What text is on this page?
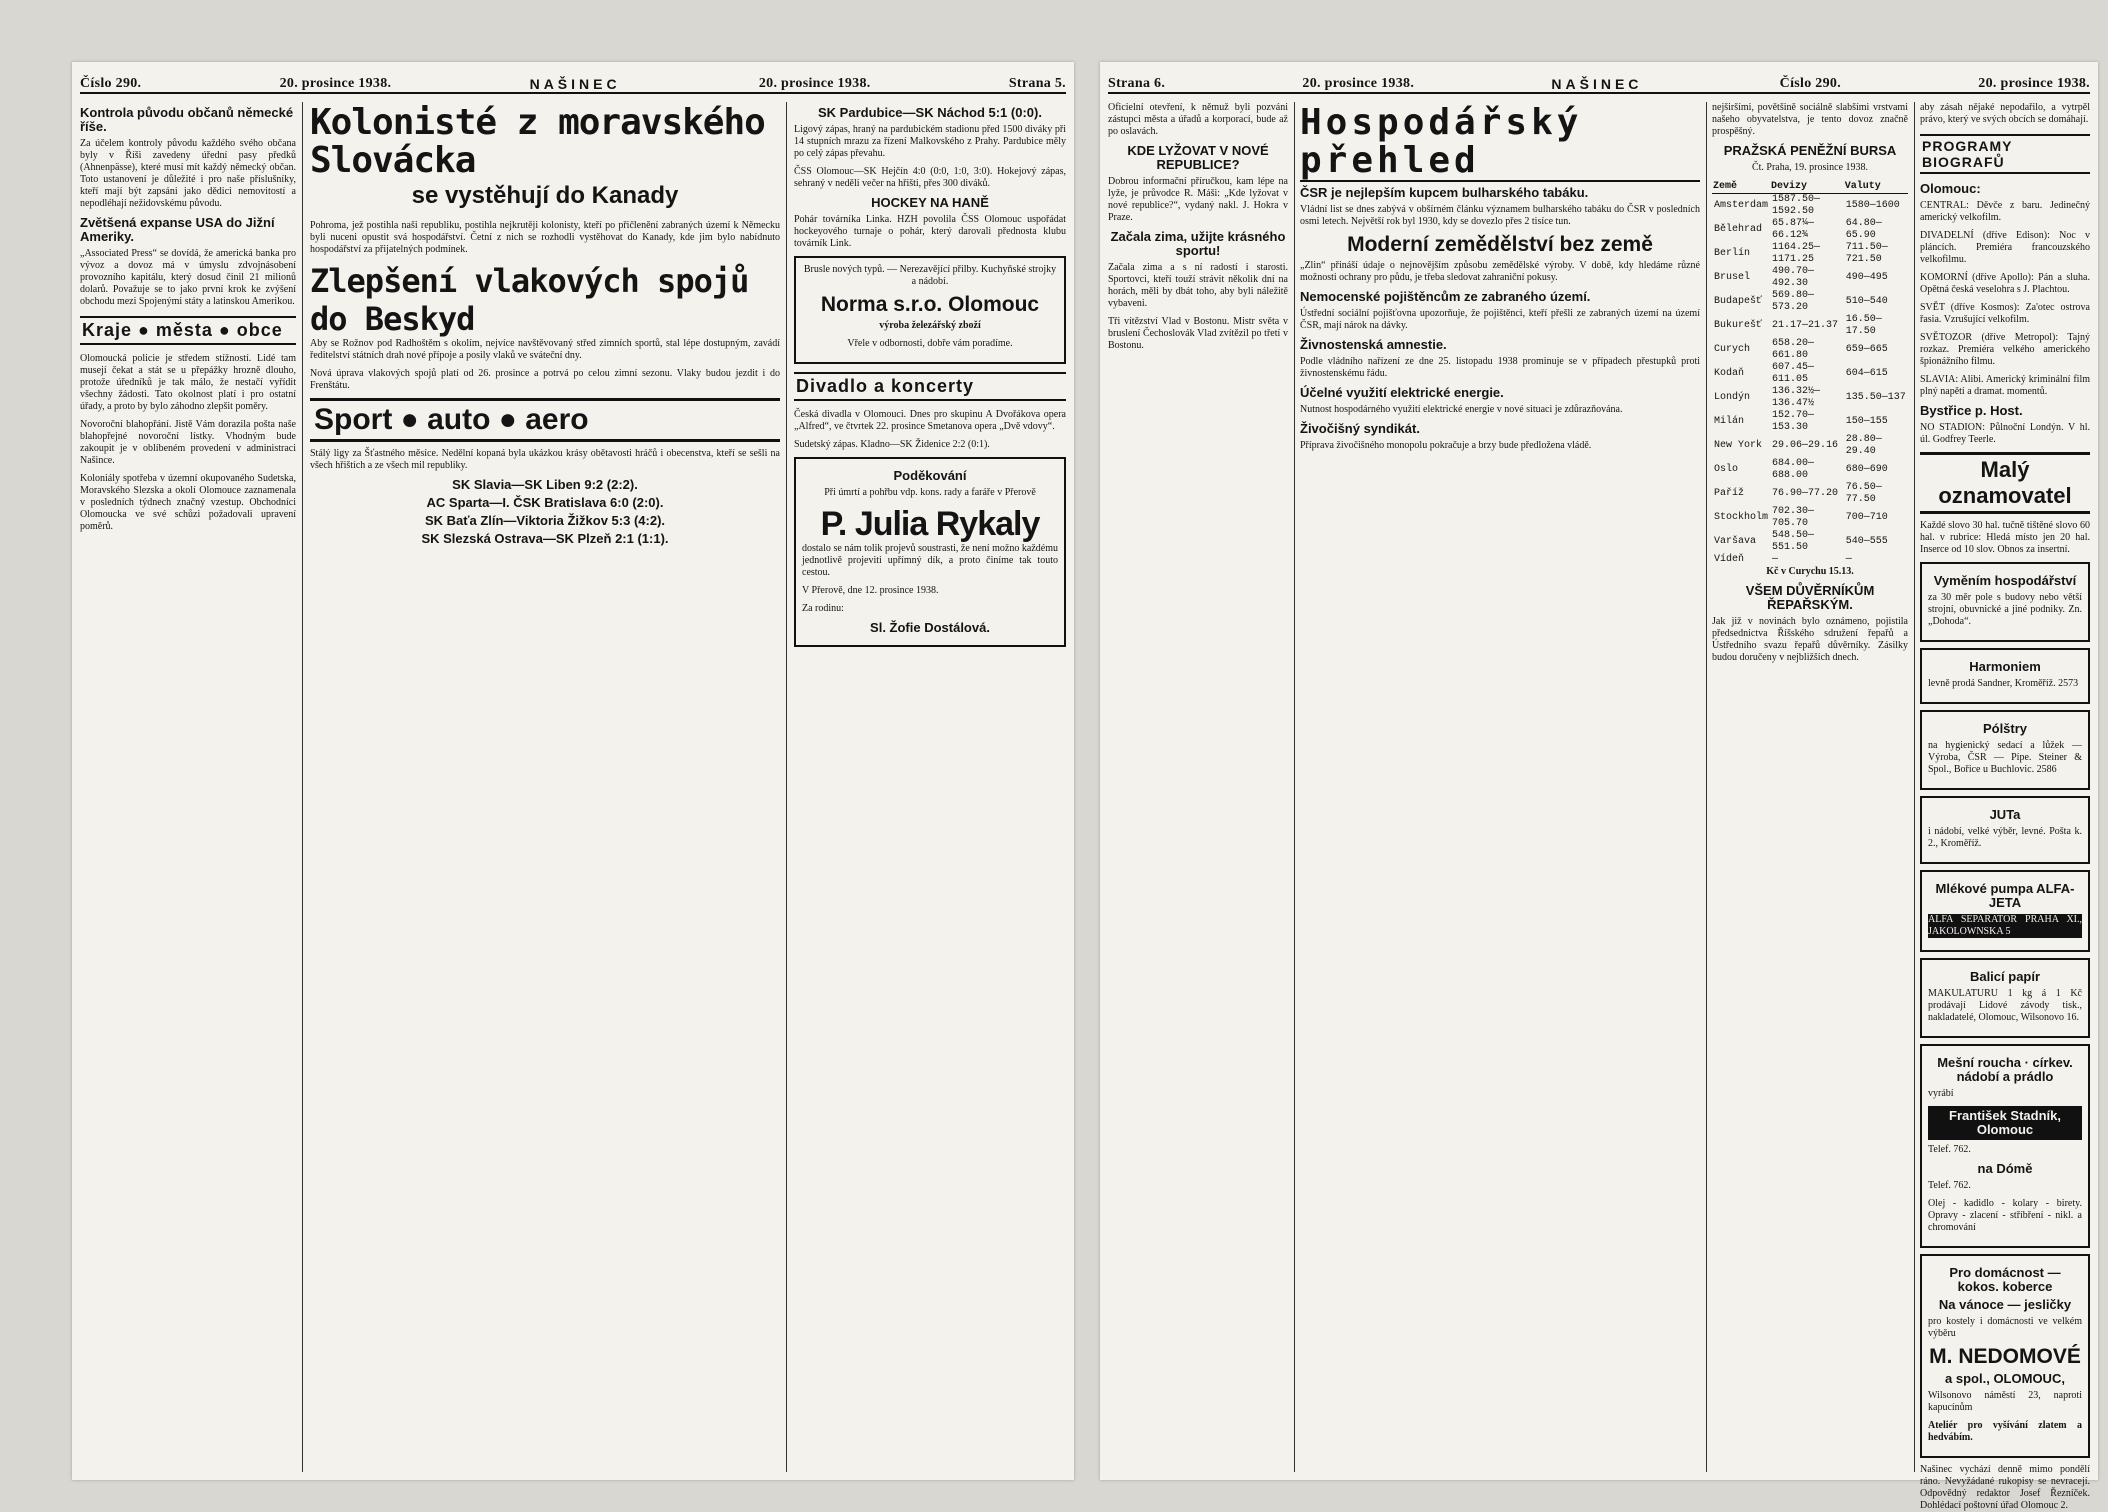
Číslo 290.	20. prosince 1938.	NAŠINEC	20. prosince 1938.	Strana 5.
Kontrola původu občanů německé říše.

Za účelem kontroly původu každého svého občana byly v Říši zavedeny úřední pasy předků (Ahnenpässe), které musí mít každý německý občan. Toto ustanovení je důležité i pro naše příslušníky, kteří mají být zapsáni jako dědici nemovitostí a nepodléhají nežidovskému původu.

Zvětšená expanse USA do Jižní Ameriky.

„Associated Press“ se dovídá, že americká banka pro vývoz a dovoz má v úmyslu zdvojnásobení provozního kapitálu, který dosud činil 21 milionů dolarů. Považuje se to jako první krok ke zvýšení obchodu mezi Spojenými státy a latinskou Amerikou.

Kraje ● města ● obce

Olomoucká policie je středem stížností. Lidé tam musejí čekat a stát se u přepážky hrozně dlouho, protože úředníků je tak málo, že nestačí vyřídit všechny žádosti. Tato okolnost platí i pro ostatní úřady, a proto by bylo záhodno zlepšit poměry.

Novoroční blahopřání. Jistě Vám dorazila pošta naše blahopřejné novoroční lístky. Vhodným bude zakoupit je v oblíbeném provedení v administraci Našince.

Koloniály spotřeba v územní okupovaného Sudetska, Moravského Slezska a okolí Olomouce zaznamenala v posledních týdnech značný vzestup. Obchodníci Olomoucka ve své schůzi požadovali upravení poměrů.

Kolonisté z moravského Slovácka
se vystěhují do Kanady

Pohroma, jež postihla naši republiku, postihla nejkrutěji kolonisty, kteří po přičlenění zabraných území k Německu byli nuceni opustit svá hospodářství. Četní z nich se rozhodli vystěhovat do Kanady, kde jim bylo nabídnuto hospodářství za přijatelných podmínek.

Zlepšení vlakových spojů do Beskyd

Aby se Rožnov pod Radhoštěm s okolím, nejvíce navštěvovaný střed zimních sportů, stal lépe dostupným, zavádí ředitelství státních drah nové přípoje a posily vlaků ve sváteční dny.

Nová úprava vlakových spojů platí od 26. prosince a potrvá po celou zimní sezonu. Vlaky budou jezdit i do Frenštátu.

Sport ● auto ● aero

Stálý ligy za Šťastného měsíce. Nedělní kopaná byla ukázkou krásy obětavosti hráčů i obecenstva, kteří se sešli na všech hřištích a ze všech mil republiky.

SK Slavia—SK Liben 9:2 (2:2).
AC Sparta—I. ČSK Bratislava 6:0 (2:0).
SK Baťa Zlín—Viktoria Žižkov 5:3 (4:2).
SK Slezská Ostrava—SK Plzeň 2:1 (1:1).
SK Pardubice—SK Náchod 5:1 (0:0).

Ligový zápas, hraný na pardubickém stadionu před 1500 diváky při 14 stupních mrazu za řízení Malkovského z Prahy. Pardubice měly po celý zápas převahu.

ČSS Olomouc—SK Hejčín 4:0 (0:0, 1:0, 3:0). Hokejový zápas, sehraný v neděli večer na hřišti, přes 300 diváků.

HOCKEY NA HANĚ

Pohár továrníka Linka. HZH povolila ČSS Olomouc uspořádat hockeyového turnaje o pohár, který darovali přednosta klubu továrník Link.

Brusle nových typů. — Nerezavějící přilby. Kuchyňské strojky a nádobí.
Norma s.r.o. Olomouc
výroba železářský zboží
Vřele v odbornosti, dobře vám poradíme.
Divadlo a koncerty

Česká divadla v Olomouci. Dnes pro skupinu A Dvořákova opera „Alfred“, ve čtvrtek 22. prosince Smetanova opera „Dvě vdovy“.

Sudetský zápas. Kladno—SK Židenice 2:2 (0:1).

Poděkování
Při úmrtí a pohřbu vdp. kons. rady a faráře v Přerově
P. Julia Rykaly

dostalo se nám tolik projevů soustrasti, že není možno každému jednotlivě projeviti upřímný dík, a proto činíme tak touto cestou.

V Přerově, dne 12. prosince 1938.
Za rodinu:
Sl. Žofie Dostálová.
Strana 6.	20. prosince 1938.	NAŠINEC	Číslo 290.	20. prosince 1938.

Oficielní otevření, k němuž byli pozváni zástupci města a úřadů a korporací, bude až po oslavách.

KDE LYŽOVAT V NOVÉ REPUBLICE?

Dobrou informační příručkou, kam lépe na lyže, je průvodce R. Máši: „Kde lyžovat v nové republice?“, vydaný nakl. J. Hokra v Praze.

Začala zima, užijte krásného sportu!

Začala zima a s ní radostí i starosti. Sportovci, kteří touží strávit několik dní na horách, měli by dbát toho, aby byli náležitě vybaveni.

Tři vítězství Vlad v Bostonu. Mistr světa v bruslení Čechoslovák Vlad zvítězil po třetí v Bostonu.

Hospodářský přehled
ČSR je nejlepším kupcem bulharského tabáku.

Vládní list se dnes zabývá v obšírném článku významem bulharského tabáku do ČSR v posledních osmi letech. Největší rok byl 1930, kdy se dovezlo přes 2 tisíce tun.

Moderní zemědělství bez země

„Zlin“ přináší údaje o nejnovějším způsobu zemědělské výroby. V době, kdy hledáme různé možnosti ochrany pro půdu, je třeba sledovat zahraniční pokusy.

Nemocenské pojištěncům ze zabraného území.

Ústřední sociální pojišťovna upozorňuje, že pojištěnci, kteří přešli ze zabraných území na území ČSR, mají nárok na dávky.

Živnostenská amnestie.

Podle vládního nařízení ze dne 25. listopadu 1938 prominuje se v případech přestupků proti živnostenskému řádu.

Účelné využití elektrické energie.

Nutnost hospodárného využití elektrické energie v nové situaci je zdůrazňována.

Živočišný syndikát.

Příprava živočišného monopolu pokračuje a brzy bude předložena vládě.

nejširšími, povětšině sociálně slabšími vrstvami našeho obyvatelstva, je tento dovoz značně prospěšný.

PRAŽSKÁ PENĚŽNÍ BURSA
Čt. Praha, 19. prosince 1938.
Země	Devizy	Valuty
Amsterdam	1587.50—1592.50	1580—1600
Bělehrad	65.87¼—66.12¾	64.80—65.90
Berlín	1164.25—1171.25	711.50—721.50
Brusel	490.70—492.30	490—495
Budapešť	569.80—573.20	510—540
Bukurešť	21.17—21.37	16.50—17.50
Curych	658.20—661.80	659—665
Kodaň	607.45—611.05	604—615
Londýn	136.32½—136.47½	135.50—137
Milán	152.70—153.30	150—155
New York	29.06—29.16	28.80—29.40
Oslo	684.00—688.00	680—690
Paříž	76.90—77.20	76.50—77.50
Stockholm	702.30—705.70	700—710
Varšava	548.50—551.50	540—555
Vídeň	—	—
Kč v Curychu 15.13.
VŠEM DŮVĚRNÍKŮM ŘEPAŘSKÝM.

Jak již v novinách bylo oznámeno, pojistila předsednictva Říšského sdružení řepařů a Ústředního svazu řepařů důvěrníky. Zásilky budou doručeny v nejbližších dnech.

aby zásah nějaké nepodařilo, a vytrpěl právo, který ve svých obcích se domáhají.

PROGRAMY BIOGRAFŮ
Olomouc:

CENTRAL: Děvče z baru. Jedinečný americký velkofilm.

DIVADELNÍ (dříve Edison): Noc v pláncích. Premiéra francouzského velkofilmu.

KOMORNÍ (dříve Apollo): Pán a sluha. Opětná česká veselohra s J. Plachtou.

SVĚT (dříve Kosmos): Za'otec ostrova řasia. Vzrušující velkofilm.

SVĚTOZOR (dříve Metropol): Tajný rozkaz. Premiéra velkého amerického špionážního filmu.

SLAVIA: Alibi. Americký kriminální film plný napětí a dramat. momentů.

Bystřice p. Host.

NO STADION: Půlnoční Londýn. V hl. úl. Godfrey Teerle.

Malý oznamovatel

Každé slovo 30 hal. tučně tištěné slovo 60 hal. v rubrice: Hledá místo jen 20 hal. Inserce od 10 slov. Obnos za insertní.

Vyměním hospodářství
za 30 měr pole s budovy nebo větší strojní, obuvnické a jiné podniky. Zn. „Dohoda“.
Harmoniem
levně prodá Sandner, Kroměříž. 2573
Pólštry
na hygienický sedací a lůžek — Výroba, ČSR — Pípe. Steiner & Spol., Bořice u Buchlovic. 2586
JUTa
i nádobí, velké výběr, levné. Pošta k. 2., Kroměříž.
Mlékové pumpa ALFA-JETA
ALFA SEPARATOR PRAHA XI., JAKOLOWNSKA 5
Balicí papír
MAKULATURU 1 kg á 1 Kč prodávají Lidové závody tisk., nakladatelé, Olomouc, Wilsonovo 16.
Mešní roucha · církev. nádobí a prádlo
vyrábí
František Stadník, Olomouc
Telef. 762.
na Dómě
Telef. 762.
Olej - kadidlo - kolary - birety. Opravy - zlacení - stříbření - nikl. a chromování
Pro domácnost — kokos. koberce
Na vánoce — jesličky
pro kostely i domácnosti ve velkém výběru
M. NEDOMOVÉ
a spol., OLOMOUC,
Wilsonovo náměstí 23, naproti kapucínům
Ateliér pro vyšívání zlatem a hedvábím.

Našinec vychází denně mimo pondělí ráno. Nevyžádané rukopisy se nevracejí. Odpovědný redaktor Josef Řezníček. Dohlédací poštovní úřad Olomouc 2.
